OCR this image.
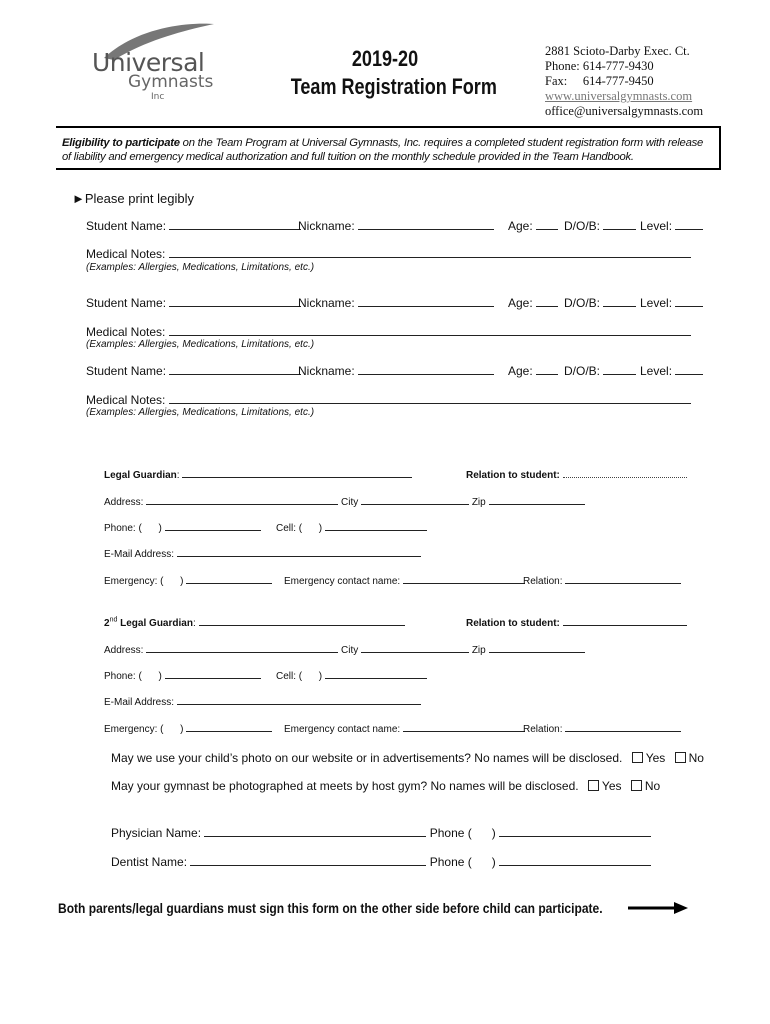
Universal
Gymnasts
Inc
2019-20
Team Registration Form
2881 Scioto-Darby Exec. Ct.
Phone: 614-777-9430
Fax:     614-777-9450
www.universalgymnasts.com
office@universalgymnasts.com

Eligibility to participate on the Team Program at Universal Gymnasts, Inc. requires a completed student registration form with release
of liability and emergency medical authorization and full tuition on the monthly schedule provided in the Team Handbook.

►Please print legibly
Student Name:	Nickname:	Age:	D/O/B:	Level:
Medical Notes:
(Examples: Allergies, Medications, Limitations, etc.)
Student Name:	Nickname:	Age:	D/O/B:	Level:
Medical Notes:
(Examples: Allergies, Medications, Limitations, etc.)
Student Name:	Nickname:	Age:	D/O/B:	Level:
Medical Notes:
(Examples: Allergies, Medications, Limitations, etc.)
Legal Guardian:	Relation to student:
Address:	City	Zip
Phone: (      )	Cell: (      )
E-Mail Address:
Emergency: (      )	Emergency contact name:	Relation:
2nd Legal Guardian:	Relation to student:
Address:	City	Zip
Phone: (      )	Cell: (      )
E-Mail Address:
Emergency: (      )	Emergency contact name:	Relation:
May we use your child’s photo on our website or in advertisements? No names will be disclosed. Yes No
May your gymnast be photographed at meets by host gym? No names will be disclosed. Yes No
Physician Name:	Phone (      )
Dentist Name:	Phone (      )
Both parents/legal guardians must sign this form on the other side before child can participate.
